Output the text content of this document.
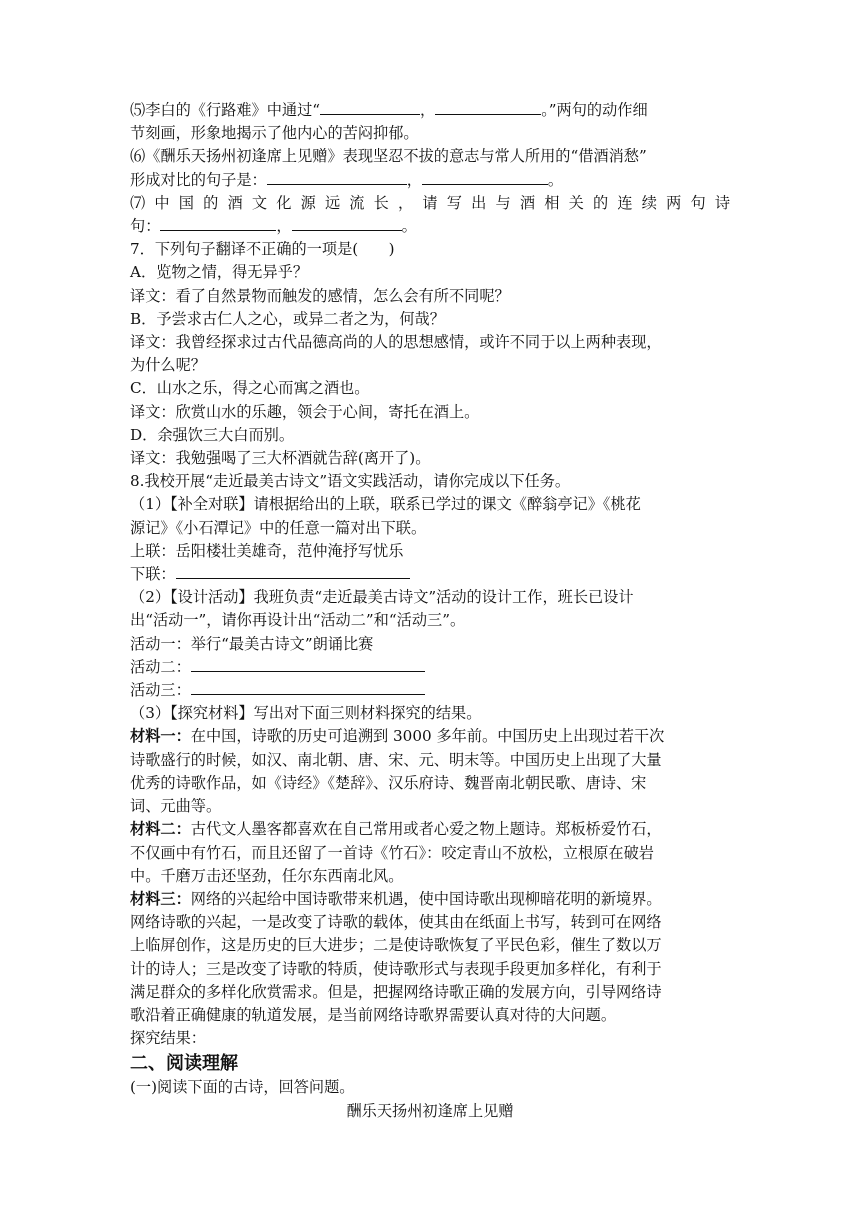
⑸李白的《行路难》中通过“	，	。”两句的动作细

节刻画，形象地揭示了他内心的苦闷抑郁。

⑹《酬乐天扬州初逢席上见赠》表现坚忍不拔的意志与常人所用的“借酒消愁”

形成对比的句子是：	，	。

⑺中国的酒文化源远流长，请写出与酒相关的连续两句诗

句：	，	。

7．下列句子翻译不正确的一项是(　　)

A．览物之情，得无异乎？

译文：看了自然景物而触发的感情，怎么会有所不同呢？

B．予尝求古仁人之心，或异二者之为，何哉？

译文：我曾经探求过古代品德高尚的人的思想感情，或许不同于以上两种表现，

为什么呢？

C．山水之乐，得之心而寓之酒也。

译文：欣赏山水的乐趣，领会于心间，寄托在酒上。

D．余强饮三大白而别。

译文：我勉强喝了三大杯酒就告辞(离开了)。

8.我校开展“走近最美古诗文”语文实践活动，请你完成以下任务。

（1）【补全对联】请根据给出的上联，联系已学过的课文《醉翁亭记》《桃花

源记》《小石潭记》中的任意一篇对出下联。

上联：岳阳楼壮美雄奇，范仲淹抒写忧乐

下联：

（2）【设计活动】我班负责“走近最美古诗文”活动的设计工作，班长已设计

出“活动一”，请你再设计出“活动二”和“活动三”。

活动一：举行“最美古诗文”朗诵比赛

活动二：

活动三：

（3）【探究材料】写出对下面三则材料探究的结果。

材料一：在中国，诗歌的历史可追溯到 3000 多年前。中国历史上出现过若干次

诗歌盛行的时候，如汉、南北朝、唐、宋、元、明末等。中国历史上出现了大量

优秀的诗歌作品，如《诗经》《楚辞》、汉乐府诗、魏晋南北朝民歌、唐诗、宋

词、元曲等。

材料二：古代文人墨客都喜欢在自己常用或者心爱之物上题诗。郑板桥爱竹石，

不仅画中有竹石，而且还留了一首诗《竹石》：咬定青山不放松，立根原在破岩

中。千磨万击还坚劲，任尔东西南北风。

材料三：网络的兴起给中国诗歌带来机遇，使中国诗歌出现柳暗花明的新境界。

网络诗歌的兴起，一是改变了诗歌的载体，使其由在纸面上书写，转到可在网络

上临屏创作，这是历史的巨大进步；二是使诗歌恢复了平民色彩，催生了数以万

计的诗人；三是改变了诗歌的特质，使诗歌形式与表现手段更加多样化，有利于

满足群众的多样化欣赏需求。但是，把握网络诗歌正确的发展方向，引导网络诗

歌沿着正确健康的轨道发展，是当前网络诗歌界需要认真对待的大问题。

探究结果：

二、阅读理解

(一)阅读下面的古诗，回答问题。

酬乐天扬州初逢席上见赠
